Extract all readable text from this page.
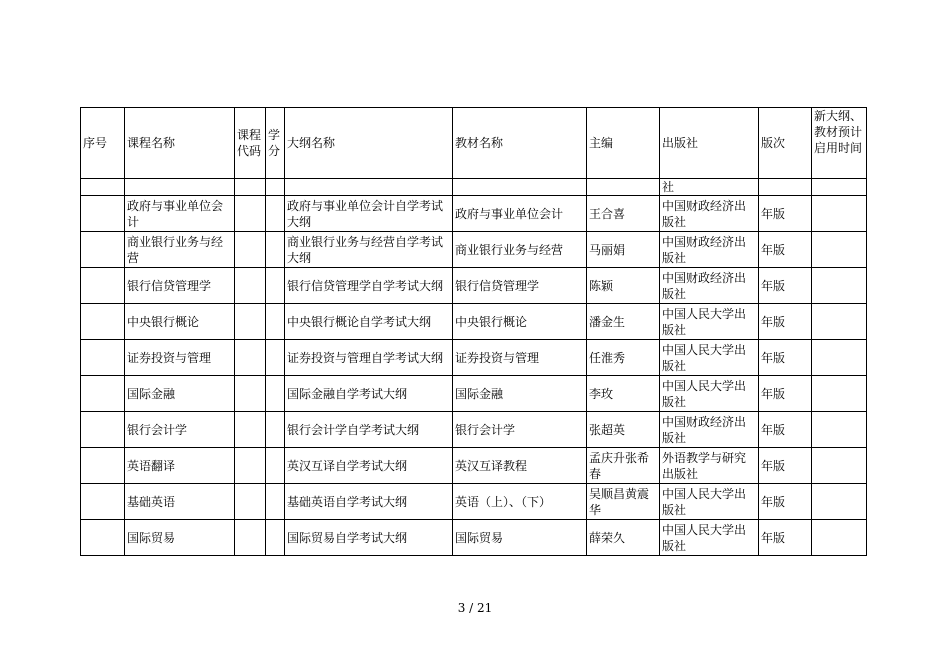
序号	课程名称	课程代码	学分	大纲名称	教材名称	主编	出版社	版次	新大纲、教材预计启用时间
							社		
	政府与事业单位会计			政府与事业单位会计自学考试大纲	政府与事业单位会计	王合喜	中国财政经济出版社	年版	
	商业银行业务与经营			商业银行业务与经营自学考试大纲	商业银行业务与经营	马丽娟	中国财政经济出版社	年版	
	银行信贷管理学			银行信贷管理学自学考试大纲	银行信贷管理学	陈颖	中国财政经济出版社	年版	
	中央银行概论			中央银行概论自学考试大纲	中央银行概论	潘金生	中国人民大学出版社	年版	
	证券投资与管理			证券投资与管理自学考试大纲	证券投资与管理	任淮秀	中国人民大学出版社	年版	
	国际金融			国际金融自学考试大纲	国际金融	李玫	中国人民大学出版社	年版	
	银行会计学			银行会计学自学考试大纲	银行会计学	张超英	中国财政经济出版社	年版	
	英语翻译			英汉互译自学考试大纲	英汉互译教程	孟庆升张希春	外语教学与研究出版社	年版	
	基础英语			基础英语自学考试大纲	英语（上）、（下）	吴顺昌黄震华	中国人民大学出版社	年版	
	国际贸易			国际贸易自学考试大纲	国际贸易	薛荣久	中国人民大学出版社	年版	
3 / 21
